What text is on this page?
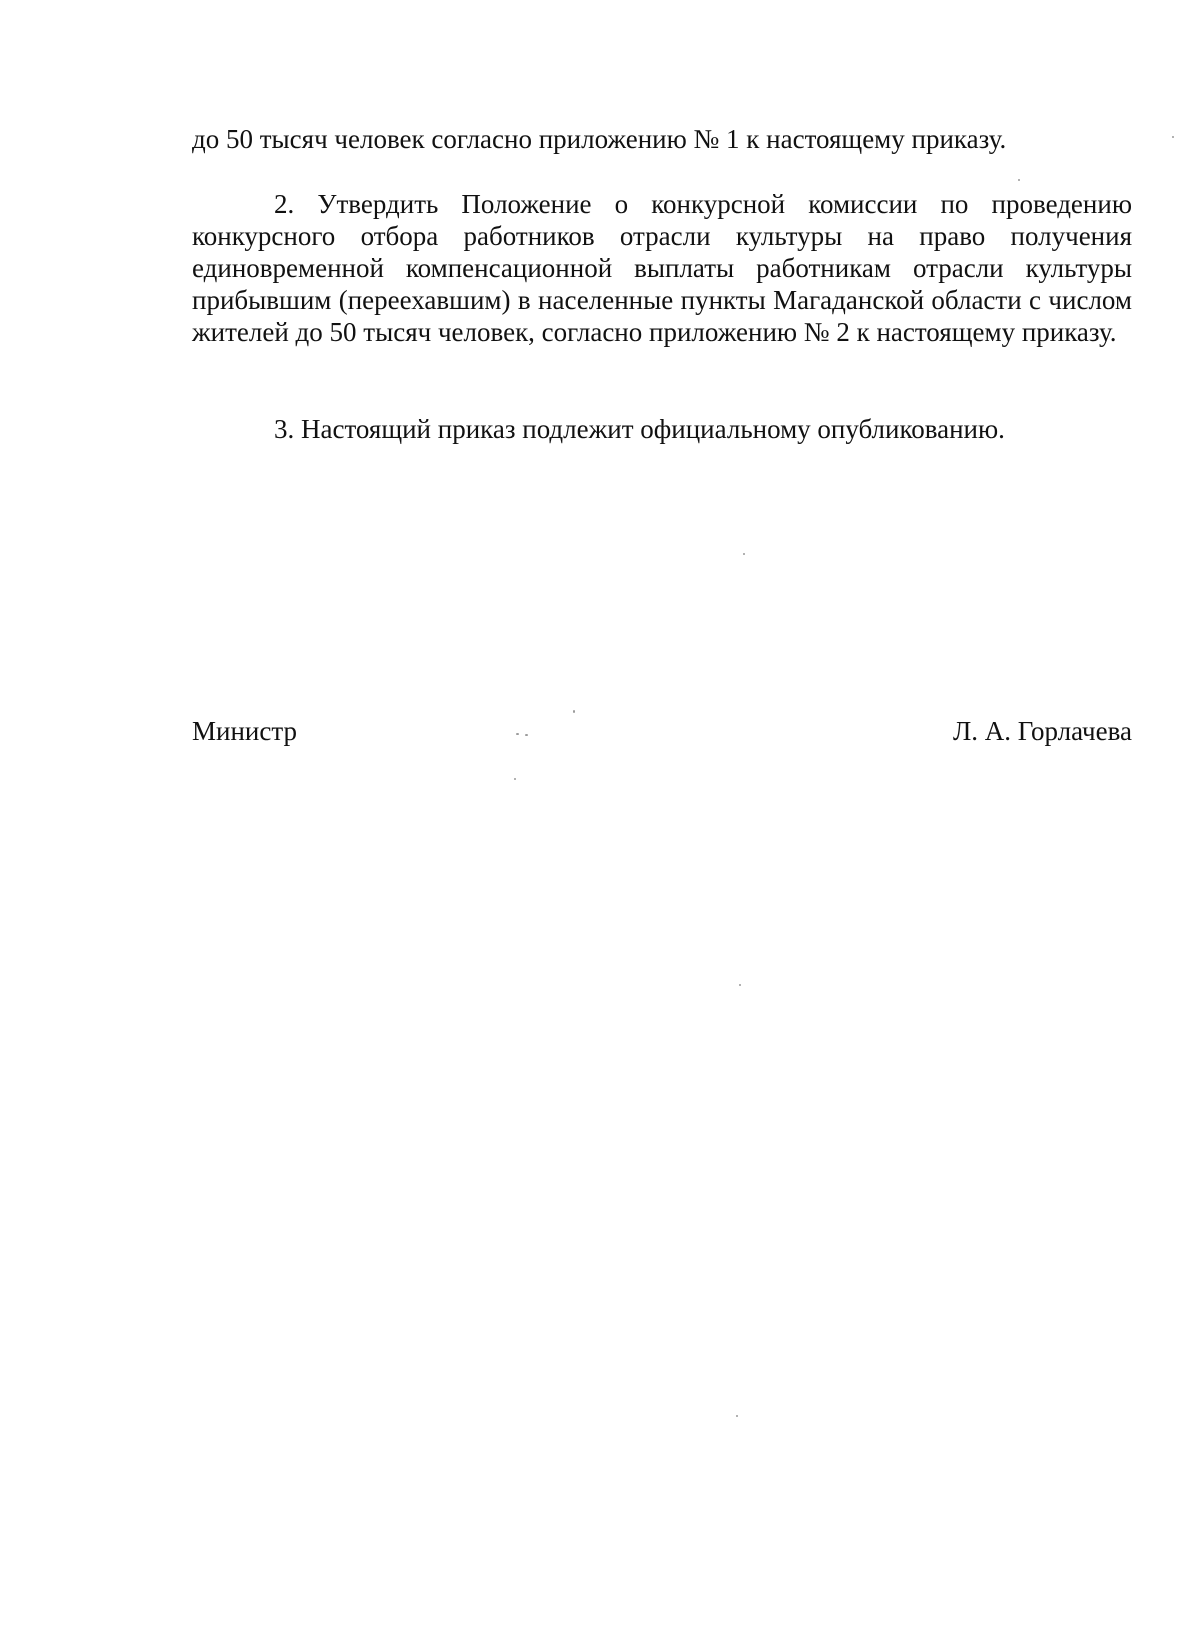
до 50 тысяч человек согласно приложению № 1 к настоящему приказу.

2. Утвердить Положение о конкурсной комиссии по проведению конкурсного отбора работников отрасли культуры на право получения единовременной компенсационной выплаты работникам отрасли культуры прибывшим (переехавшим) в населенные пункты Магаданской области с числом жителей до 50 тысяч человек, согласно приложению № 2 к настоящему приказу.

3. Настоящий приказ подлежит официальному опубликованию.

Министр	Л. А. Горлачева
